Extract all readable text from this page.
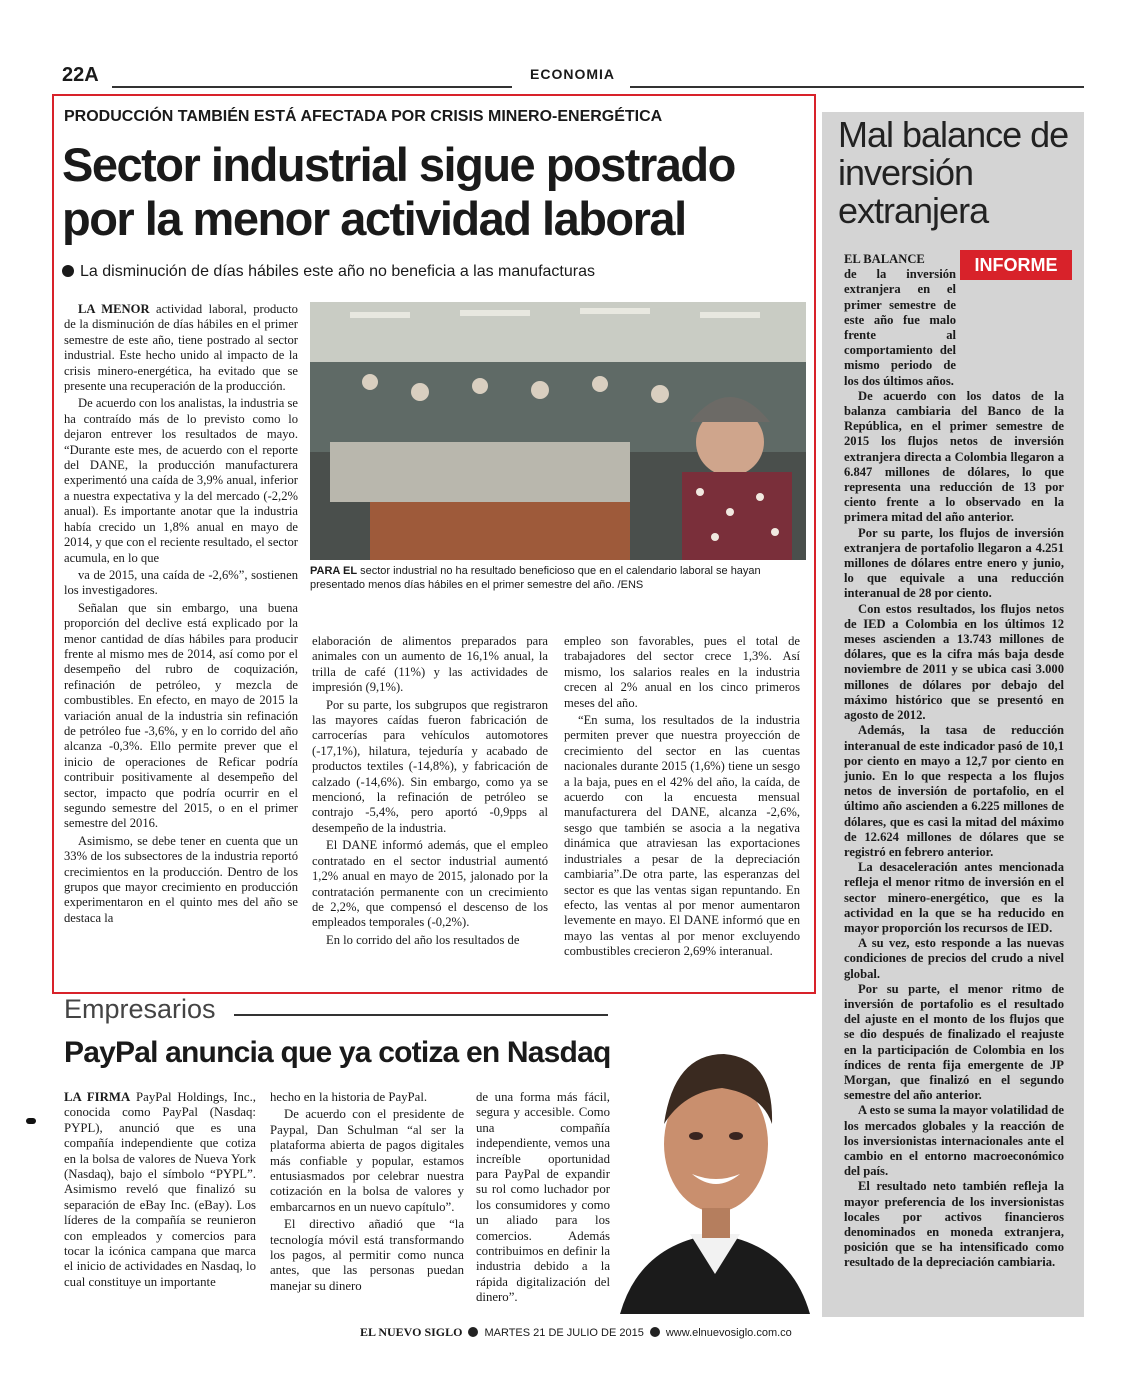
22A	ECONOMIA
PRODUCCIÓN TAMBIÉN ESTÁ AFECTADA POR CRISIS MINERO-ENERGÉTICA
Sector industrial sigue postrado por la menor actividad laboral
La disminución de días hábiles este año no beneficia a las manufacturas

LA MENOR actividad laboral, producto de la disminución de días hábiles en el primer semestre de este año, tiene postrado al sector industrial. Este hecho unido al impacto de la crisis minero-energética, ha evitado que se presente una recuperación de la producción.

De acuerdo con los analistas, la industria se ha contraído más de lo previsto como lo dejaron entrever los resultados de mayo. “Durante este mes, de acuerdo con el reporte del DANE, la producción manufacturera experimentó una caída de 3,9% anual, inferior a nuestra expectativa y la del mercado (-2,2% anual). Es importante anotar que la industria había crecido un 1,8% anual en mayo de 2014, y que con el reciente resultado, el sector acumula, en lo que

va de 2015, una caída de -2,6%”, sostienen los investigadores.

Señalan que sin embargo, una buena proporción del declive está explicado por la menor cantidad de días hábiles para producir frente al mismo mes de 2014, así como por el desempeño del rubro de coquización, refinación de petróleo, y mezcla de combustibles. En efecto, en mayo de 2015 la variación anual de la industria sin refinación de petróleo fue -3,6%, y en lo corrido del año alcanza -0,3%. Ello permite prever que el inicio de operaciones de Reficar podría contribuir positivamente al desempeño del sector, impacto que podría ocurrir en el segundo semestre del 2015, o en el primer semestre del 2016.

Asimismo, se debe tener en cuenta que un 33% de los subsectores de la industria reportó crecimientos en la producción. Dentro de los grupos que mayor crecimiento en producción experimentaron en el quinto mes del año se destaca la

PARA EL sector industrial no ha resultado beneficioso que en el calendario laboral se hayan presentado menos días hábiles en el primer semestre del año. /ENS

elaboración de alimentos preparados para animales con un aumento de 16,1% anual, la trilla de café (11%) y las actividades de impresión (9,1%).

Por su parte, los subgrupos que registraron las mayores caídas fueron fabricación de carrocerías para vehículos automotores (-17,1%), hilatura, tejeduría y acabado de productos textiles (-14,8%), y fabricación de calzado (-14,6%). Sin embargo, como ya se mencionó, la refinación de petróleo se contrajo -5,4%, pero aportó -0,9pps al desempeño de la industria.

El DANE informó además, que el empleo contratado en el sector industrial aumentó 1,2% anual en mayo de 2015, jalonado por la contratación permanente con un crecimiento de 2,2%, que compensó el descenso de los empleados temporales (-0,2%).

En lo corrido del año los resultados de

empleo son favorables, pues el total de trabajadores del sector crece 1,3%. Así mismo, los salarios reales en la industria crecen al 2% anual en los cinco primeros meses del año.

“En suma, los resultados de la industria permiten prever que nuestra proyección de crecimiento del sector en las cuentas nacionales durante 2015 (1,6%) tiene un sesgo a la baja, pues en el 42% del año, la caída, de acuerdo con la encuesta mensual manufacturera del DANE, alcanza -2,6%, sesgo que también se asocia a la negativa dinámica que atraviesan las exportaciones industriales a pesar de la depreciación cambiaria”.De otra parte, las esperanzas del sector es que las ventas sigan repuntando. En efecto, las ventas al por menor aumentaron levemente en mayo. El DANE informó que en mayo las ventas al por menor excluyendo combustibles crecieron 2,69% interanual.

Mal balance de inversión extranjera
INFORME

EL BALANCE

de la inversión extranjera en el primer semestre de este año fue malo frente al comportamiento del mismo periodo de los dos últimos años.

De acuerdo con los datos de la balanza cambiaria del Banco de la República, en el primer semestre de 2015 los flujos netos de inversión extranjera directa a Colombia llegaron a 6.847 millones de dólares, lo que representa una reducción de 13 por ciento frente a lo observado en la primera mitad del año anterior.

Por su parte, los flujos de inversión extranjera de portafolio llegaron a 4.251 millones de dólares entre enero y junio, lo que equivale a una reducción interanual de 28 por ciento.

Con estos resultados, los flujos netos de IED a Colombia en los últimos 12 meses ascienden a 13.743 millones de dólares, que es la cifra más baja desde noviembre de 2011 y se ubica casi 3.000 millones de dólares por debajo del máximo histórico que se presentó en agosto de 2012.

Además, la tasa de reducción interanual de este indicador pasó de 10,1 por ciento en mayo a 12,7 por ciento en junio. En lo que respecta a los flujos netos de inversión de portafolio, en el último año ascienden a 6.225 millones de dólares, que es casi la mitad del máximo de 12.624 millones de dólares que se registró en febrero anterior.

La desaceleración antes mencionada refleja el menor ritmo de inversión en el sector minero-energético, que es la actividad en la que se ha reducido en mayor proporción los recursos de IED.

A su vez, esto responde a las nuevas condiciones de precios del crudo a nivel global.

Por su parte, el menor ritmo de inversión de portafolio es el resultado del ajuste en el monto de los flujos que se dio después de finalizado el reajuste en la participación de Colombia en los índices de renta fija emergente de JP Morgan, que finalizó en el segundo semestre del año anterior.

A esto se suma la mayor volatilidad de los mercados globales y la reacción de los inversionistas internacionales ante el cambio en el entorno macroeconómico del país.

El resultado neto también refleja la mayor preferencia de los inversionistas locales por activos financieros denominados en moneda extranjera, posición que se ha intensificado como resultado de la depreciación cambiaria.

Empresarios
PayPal anuncia que ya cotiza en Nasdaq

LA FIRMA PayPal Holdings, Inc., conocida como PayPal (Nasdaq: PYPL), anunció que es una compañía independiente que cotiza en la bolsa de valores de Nueva York (Nasdaq), bajo el símbolo “PYPL”. Asimismo reveló que finalizó su separación de eBay Inc. (eBay). Los líderes de la compañía se reunieron con empleados y comercios para tocar la icónica campana que marca el inicio de actividades en Nasdaq, lo cual constituye un importante

hecho en la historia de PayPal.

De acuerdo con el presidente de Paypal, Dan Schulman “al ser la plataforma abierta de pagos digitales más confiable y popular, estamos entusiasmados por celebrar nuestra cotización en la bolsa de valores y embarcarnos en un nuevo capítulo”.

El directivo añadió que “la tecnología móvil está transformando los pagos, al permitir como nunca antes, que las personas puedan manejar su dinero

de una forma más fácil, segura y accesible. Como una compañía independiente, vemos una increíble oportunidad para PayPal de expandir su rol como luchador por los consumidores y como un aliado para los comercios. Además contribuimos en definir la industria debido a la rápida digitalización del dinero”.

EL NUEVO SIGLO MARTES 21 DE JULIO DE 2015 www.elnuevosiglo.com.co
